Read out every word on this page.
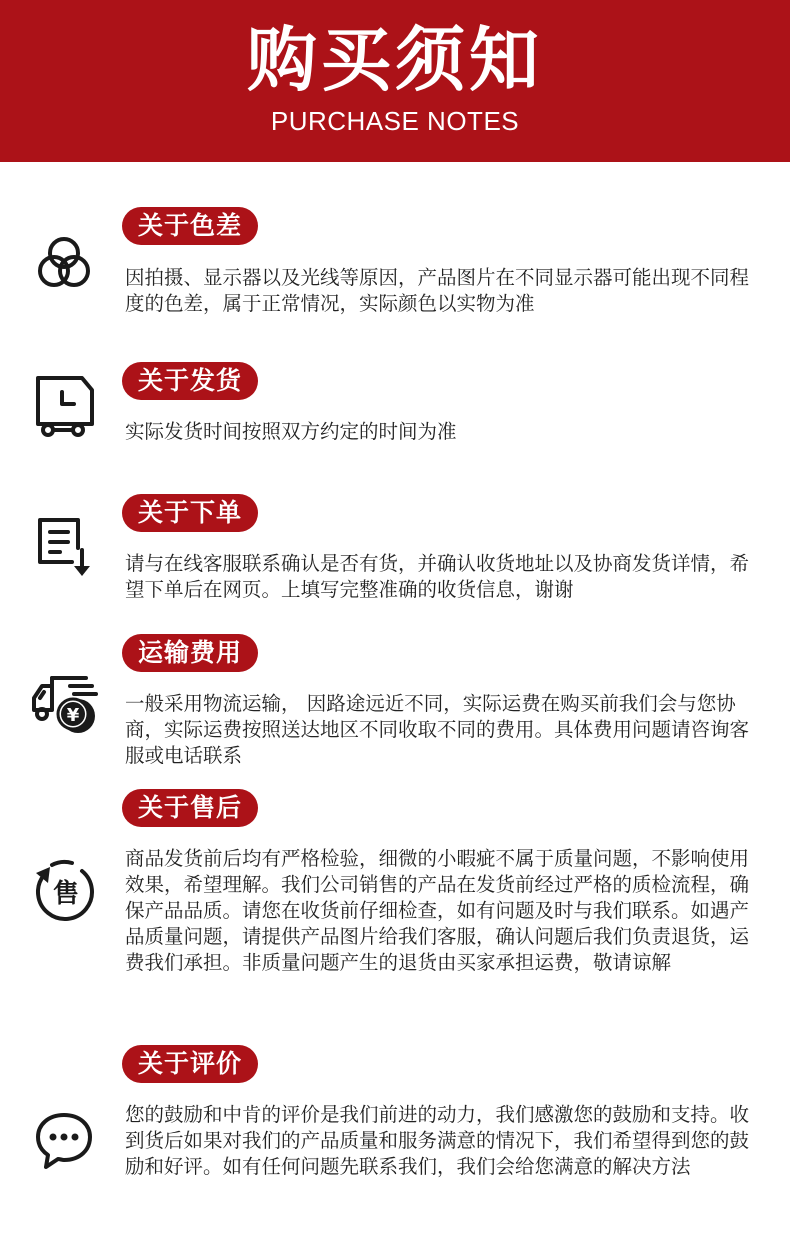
购买须知
PURCHASE NOTES
关于色差
因拍摄、显示器以及光线等原因，产品图片在不同显示器可能出现不同程度的色差，属于正常情况，实际颜色以实物为准
关于发货
实际发货时间按照双方约定的时间为准
关于下单
请与在线客服联系确认是否有货，并确认收货地址以及协商发货详情，希望下单后在网页。上填写完整准确的收货信息，谢谢
运输费用
¥
一般采用物流运输， 因路途远近不同，实际运费在购买前我们会与您协商，实际运费按照送达地区不同收取不同的费用。具体费用问题请咨询客服或电话联系
关于售后
售
商品发货前后均有严格检验，细微的小暇疵不属于质量问题，不影响使用效果，希望理解。我们公司销售的产品在发货前经过严格的质检流程，确保产品品质。请您在收货前仔细检查，如有问题及时与我们联系。如遇产品质量问题，请提供产品图片给我们客服，确认问题后我们负责退货，运费我们承担。非质量问题产生的退货由买家承担运费，敬请谅解
关于评价
您的鼓励和中肯的评价是我们前进的动力，我们感激您的鼓励和支持。收到货后如果对我们的产品质量和服务满意的情况下，我们希望得到您的鼓励和好评。如有任何问题先联系我们，我们会给您满意的解决方法
